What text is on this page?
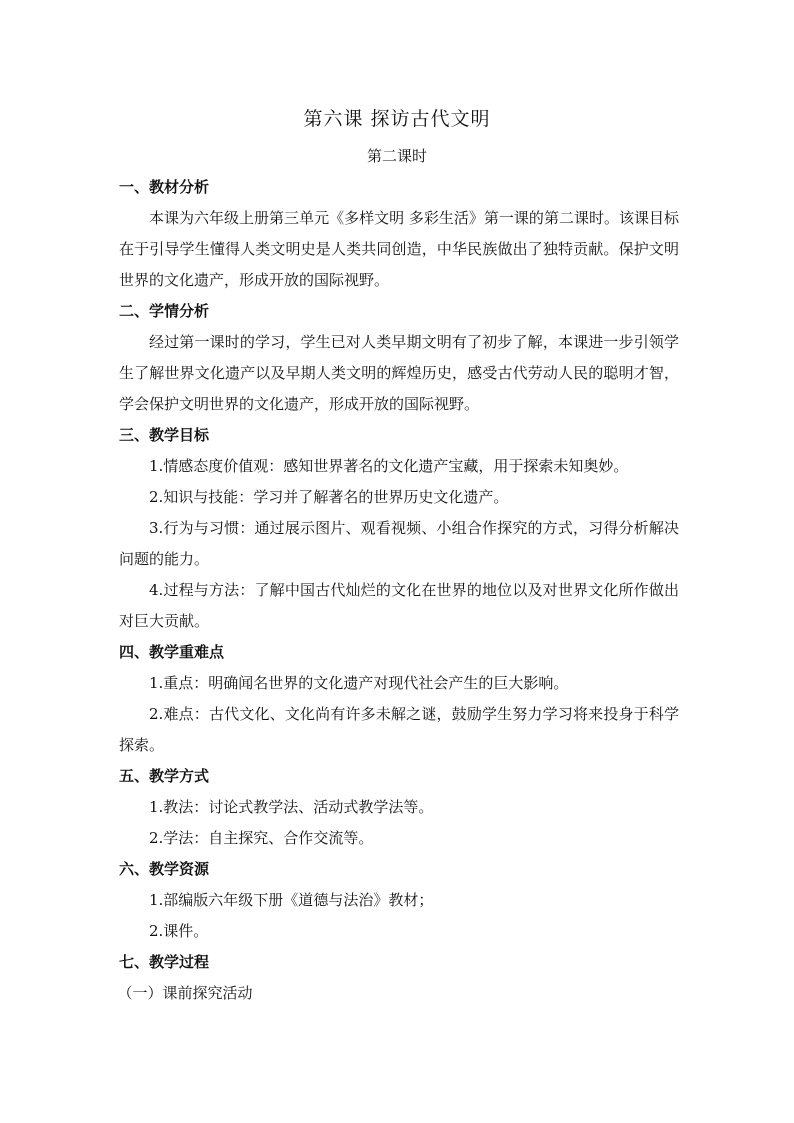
第六课 探访古代文明
第二课时

一、教材分析

本课为六年级上册第三单元《多样文明 多彩生活》第一课的第二课时。该课目标在于引导学生懂得人类文明史是人类共同创造，中华民族做出了独特贡献。保护文明世界的文化遗产，形成开放的国际视野。

二、学情分析

经过第一课时的学习，学生已对人类早期文明有了初步了解，本课进一步引领学生了解世界文化遗产以及早期人类文明的辉煌历史，感受古代劳动人民的聪明才智，学会保护文明世界的文化遗产，形成开放的国际视野。

三、教学目标

1.情感态度价值观：感知世界著名的文化遗产宝藏，用于探索未知奥妙。

2.知识与技能：学习并了解著名的世界历史文化遗产。

3.行为与习惯：通过展示图片、观看视频、小组合作探究的方式，习得分析解决问题的能力。

4.过程与方法：了解中国古代灿烂的文化在世界的地位以及对世界文化所作做出对巨大贡献。

四、教学重难点

1.重点：明确闻名世界的文化遗产对现代社会产生的巨大影响。

2.难点：古代文化、文化尚有许多未解之谜，鼓励学生努力学习将来投身于科学探索。

五、教学方式

1.教法：讨论式教学法、活动式教学法等。

2.学法：自主探究、合作交流等。

六、教学资源

1.部编版六年级下册《道德与法治》教材；

2.课件。

七、教学过程

（一）课前探究活动
